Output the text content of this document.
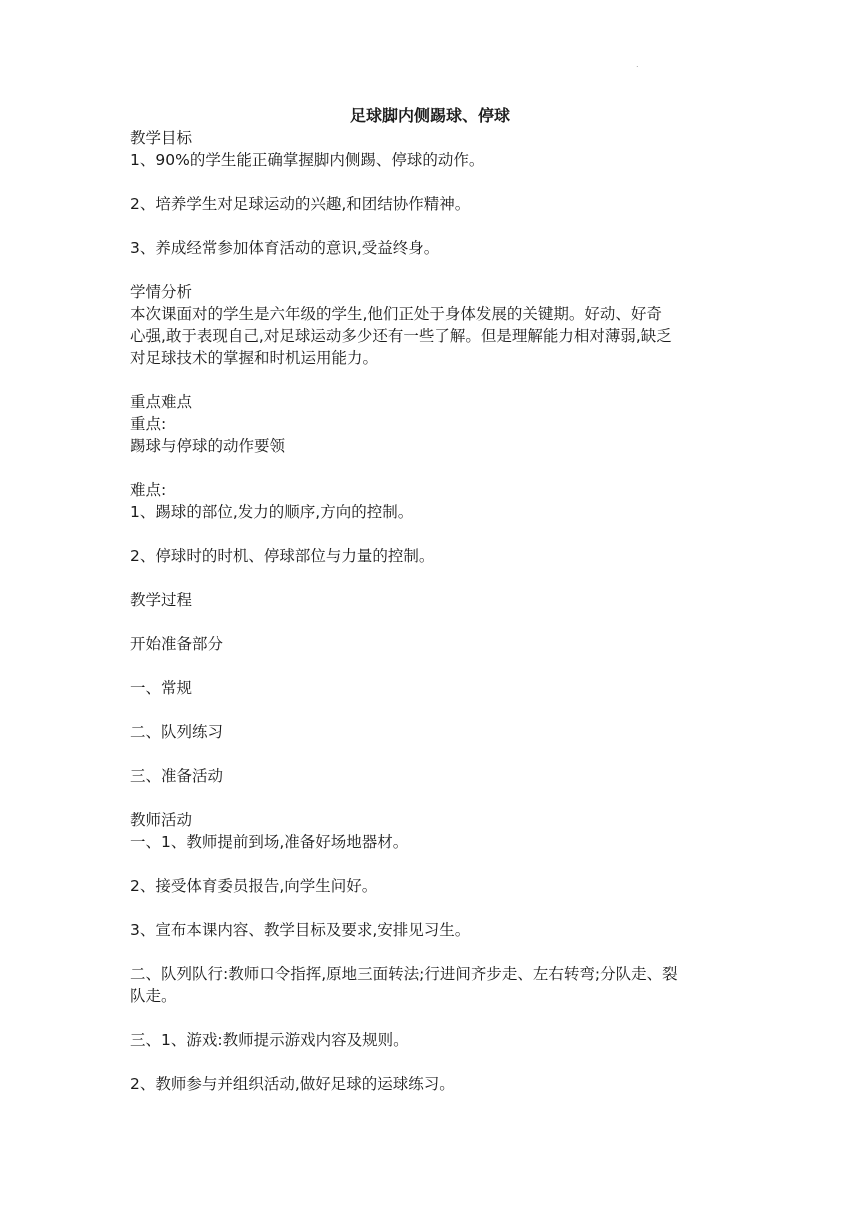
.
足球脚内侧踢球、停球
教学目标
1、90%的学生能正确掌握脚内侧踢、停球的动作。
2、培养学生对足球运动的兴趣,和团结协作精神。
3、养成经常参加体育活动的意识,受益终身。
学情分析
本次课面对的学生是六年级的学生,他们正处于身体发展的关键期。好动、好奇
心强,敢于表现自己,对足球运动多少还有一些了解。但是理解能力相对薄弱,缺乏
对足球技术的掌握和时机运用能力。
重点难点
重点:
踢球与停球的动作要领
难点:
1、踢球的部位,发力的顺序,方向的控制。
2、停球时的时机、停球部位与力量的控制。
教学过程
开始准备部分
一、常规
二、队列练习
三、准备活动
教师活动
一、1、教师提前到场,准备好场地器材。
2、接受体育委员报告,向学生问好。
3、宣布本课内容、教学目标及要求,安排见习生。
二、队列队行:教师口令指挥,原地三面转法;行进间齐步走、左右转弯;分队走、裂
队走。
三、1、游戏:教师提示游戏内容及规则。
2、教师参与并组织活动,做好足球的运球练习。
